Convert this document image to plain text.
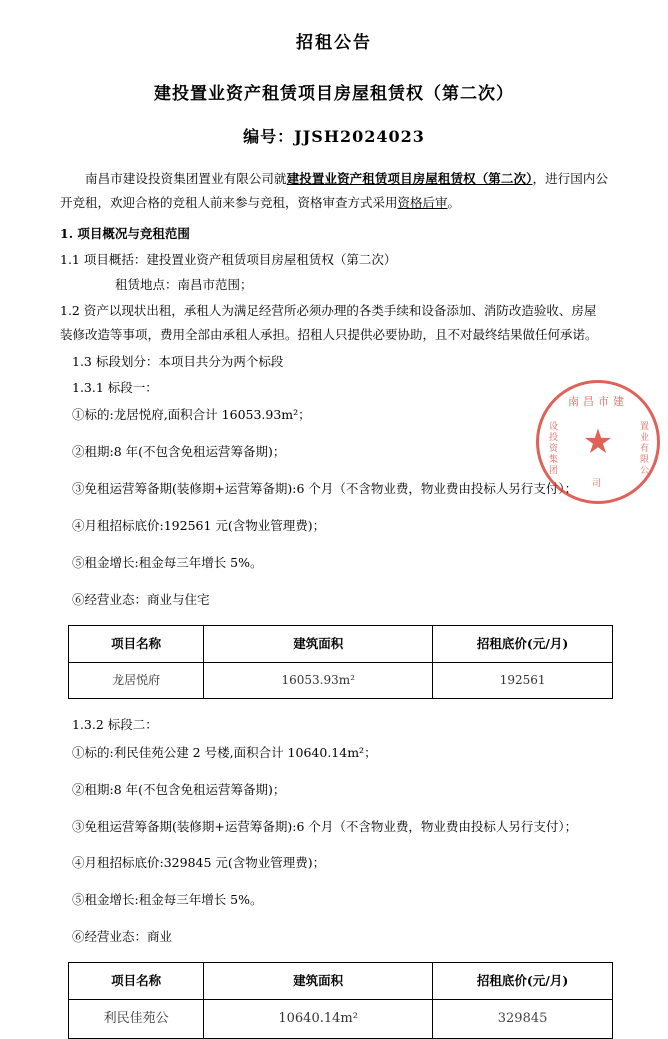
招租公告
建投置业资产租赁项目房屋租赁权（第二次）
编号：JJSH2024023

南昌市建设投资集团置业有限公司就建投置业资产租赁项目房屋租赁权（第二次），进行国内公开竞租，欢迎合格的竞租人前来参与竞租，资格审查方式采用资格后审。

1. 项目概况与竞租范围

1.1 项目概括：建投置业资产租赁项目房屋租赁权（第二次）

租赁地点：南昌市范围；

1.2 资产以现状出租，承租人为满足经营所必须办理的各类手续和设备添加、消防改造验收、房屋装修改造等事项，费用全部由承租人承担。招租人只提供必要协助，且不对最终结果做任何承诺。

1.3 标段划分：本项目共分为两个标段

1.3.1 标段一：

①标的:龙居悦府,面积合计 16053.93m²；

②租期:8 年(不包含免租运营筹备期)；

③免租运营筹备期(装修期+运营筹备期):6 个月（不含物业费，物业费由投标人另行支付）；

④月租招标底价:192561 元(含物业管理费)；

⑤租金增长:租金每三年增长 5%。

⑥经营业态：商业与住宅

项目名称	建筑面积	招租底价(元/月)
龙居悦府	16053.93m²	192561

1.3.2 标段二：

①标的:利民佳苑公建 2 号楼,面积合计 10640.14m²；

②租期:8 年(不包含免租运营筹备期)；

③免租运营筹备期(装修期+运营筹备期):6 个月（不含物业费，物业费由投标人另行支付）；

④月租招标底价:329845 元(含物业管理费)；

⑤租金增长:租金每三年增长 5%。

⑥经营业态：商业

项目名称	建筑面积	招租底价(元/月)
利民佳苑公	10640.14m²	329845
南昌市建
设投资集团	置业有限公
★
司
